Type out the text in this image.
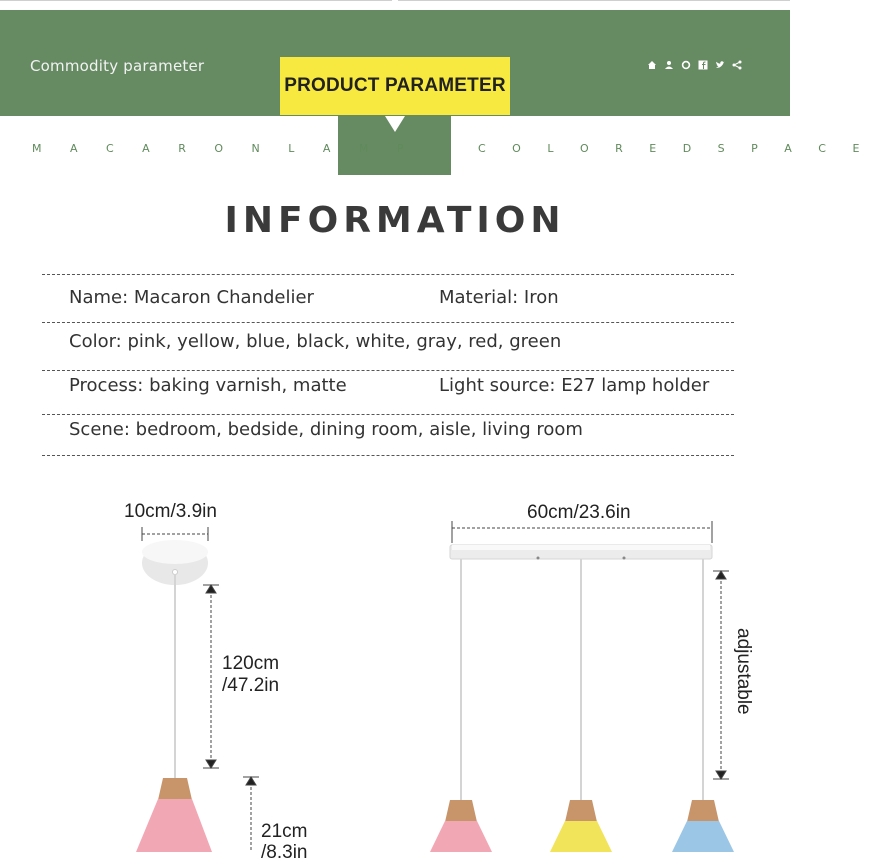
Commodity parameter
PRODUCT PARAMETER
M A C A R O N L A M P	C O L O R E D S P A C E
INFORMATION
Name: Macaron Chandelier	Material: Iron
Color: pink, yellow, blue, black, white, gray, red, green
Process: baking varnish, matte	Light source: E27 lamp holder
Scene: bedroom, bedside, dining room, aisle, living room
10cm/3.9in
120cm
/47.2in
21cm
/8.3in
60cm/23.6in
adjustable
